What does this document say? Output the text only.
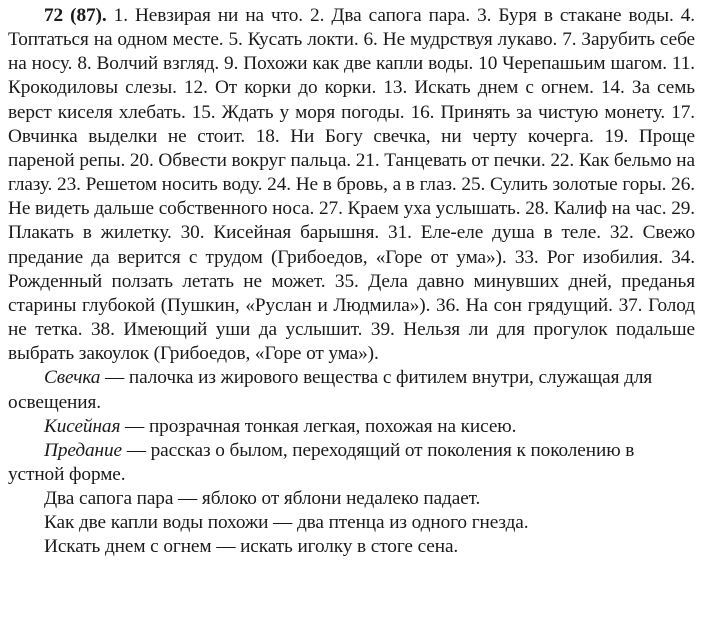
72 (87). 1. Невзирая ни на что. 2. Два сапога пара. 3. Буря в стакане воды. 4. Топтаться на одном месте. 5. Кусать локти. 6. Не мудрствуя лукаво. 7. Зарубить себе на носу. 8. Волчий взгляд. 9. Похожи как две капли воды. 10 Черепашьим шагом. 11. Крокодиловы слезы. 12. От корки до корки. 13. Искать днем с огнем. 14. За семь верст киселя хлебать. 15. Ждать у моря погоды. 16. Принять за чистую монету. 17. Овчинка выделки не стоит. 18. Ни Богу свечка, ни черту кочерга. 19. Проще пареной репы. 20. Обвести вокруг пальца. 21. Танцевать от печки. 22. Как бельмо на глазу. 23. Решетом носить воду. 24. Не в бровь, а в глаз. 25. Сулить золотые горы. 26. Не видеть дальше собственного носа. 27. Краем уха услышать. 28. Калиф на час. 29. Плакать в жилетку. 30. Кисейная барышня. 31. Еле-еле душа в теле. 32. Свежо предание да верится с трудом (Грибоедов, «Горе от ума»). 33. Рог изобилия. 34. Рожденный ползать летать не может. 35. Дела давно минувших дней, преданья старины глубокой (Пушкин, «Руслан и Людмила»). 36. На сон грядущий. 37. Голод не тетка. 38. Имеющий уши да услышит. 39. Нельзя ли для прогулок подальше выбрать закоулок (Грибоедов, «Горе от ума»).

Свечка — палочка из жирового вещества с фитилем внутри, служащая для освещения.

Кисейная — прозрачная тонкая легкая, похожая на кисею.

Предание — рассказ о былом, переходящий от поколения к поколению в устной форме.

Два сапога пара — яблоко от яблони недалеко падает.

Как две капли воды похожи — два птенца из одного гнезда.

Искать днем с огнем — искать иголку в стоге сена.
